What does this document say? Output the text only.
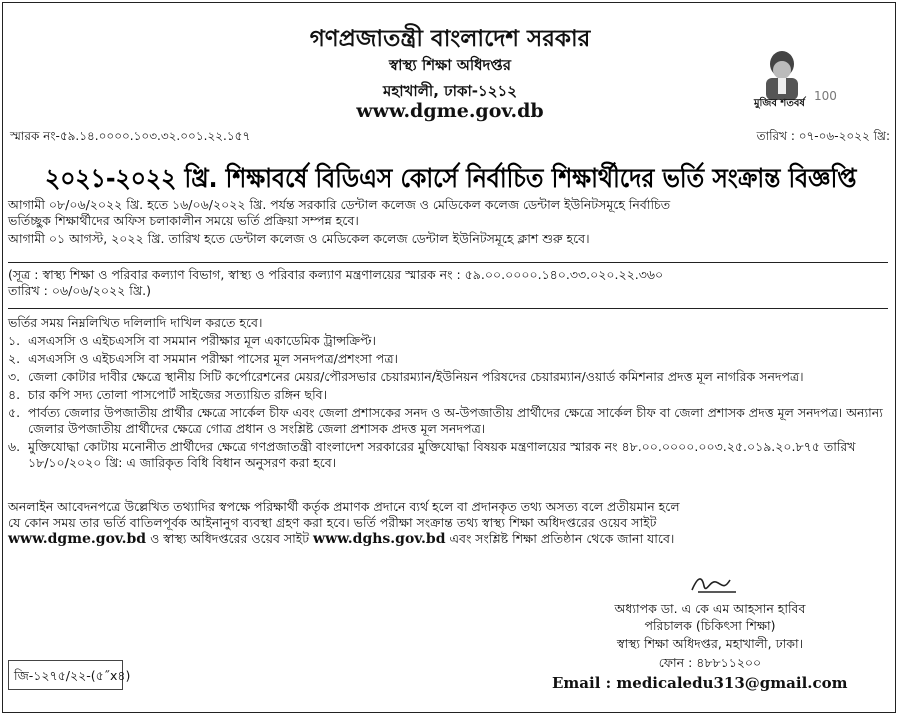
গণপ্রজাতন্ত্রী বাংলাদেশ সরকার
স্বাস্থ্য শিক্ষা অধিদপ্তর
মহাখালী, ঢাকা-১২১২
www.dgme.gov.db	মুজিব শতবর্ষ
100
স্মারক নং-৫৯.১৪.০০০০.১০৩.৩২.০০১.২২.১৫৭	তারিখ : ০৭-০৬-২০২২ খ্রি:
২০২১-২০২২ খ্রি. শিক্ষাবর্ষে বিডিএস কোর্সে নির্বাচিত শিক্ষার্থীদের ভর্তি সংক্রান্ত বিজ্ঞপ্তি
আগামী ০৮/০৬/২০২২ খ্রি. হতে ১৬/০৬/২০২২ খ্রি. পর্যন্ত সরকারি ডেন্টাল কলেজ ও মেডিকেল কলেজ ডেন্টাল ইউনিটসমূহে নির্বাচিত
ভর্তিচ্ছুক শিক্ষার্থীদের অফিস চলাকালীন সময়ে ভর্তি প্রক্রিয়া সম্পন্ন হবে।
আগামী ০১ আগস্ট, ২০২২ খ্রি. তারিখ হতে ডেন্টাল কলেজ ও মেডিকেল কলেজ ডেন্টাল ইউনিটসমূহে ক্লাশ শুরু হবে।
(সূত্র : স্বাস্থ্য শিক্ষা ও পরিবার কল্যাণ বিভাগ, স্বাস্থ্য ও পরিবার কল্যাণ মন্ত্রণালয়ের স্মারক নং : ৫৯.০০.০০০০.১৪০.৩৩.০২০.২২.৩৬০
তারিখ : ০৬/০৬/২০২২ খ্রি.)
ভর্তির সময় নিম্নলিখিত দলিলাদি দাখিল করতে হবে।
১. এসএসসি ও এইচএসসি বা সমমান পরীক্ষার মূল একাডেমিক ট্রান্সক্রিপ্ট।
২. এসএসসি ও এইচএসসি বা সমমান পরীক্ষা পাসের মূল সনদপত্র/প্রশংসা পত্র।
৩. জেলা কোটার দাবীর ক্ষেত্রে স্থানীয় সিটি কর্পোরেশনের মেয়র/পৌরসভার চেয়ারম্যান/ইউনিয়ন পরিষদের চেয়ারম্যান/ওয়ার্ড কমিশনার প্রদত্ত মূল নাগরিক সনদপত্র।
৪. চার কপি সদ্য তোলা পাসপোর্ট সাইজের সত্যায়িত রঙ্গিন ছবি।
৫. পার্বত্য জেলার উপজাতীয় প্রার্থীর ক্ষেত্রে সার্কেল চীফ এবং জেলা প্রশাসকের সনদ ও অ-উপজাতীয় প্রার্থীদের ক্ষেত্রে সার্কেল চীফ বা জেলা প্রশাসক প্রদত্ত মূল সনদপত্র। অন্যান্য জেলার উপজাতীয় প্রার্থীদের ক্ষেত্রে গোত্র প্রধান ও সংশ্লিষ্ট জেলা প্রশাসক প্রদত্ত মূল সনদপত্র।
৬. মুক্তিযোদ্ধা কোটায় মনোনীত প্রার্থীদের ক্ষেত্রে গণপ্রজাতন্ত্রী বাংলাদেশ সরকারের মুক্তিযোদ্ধা বিষয়ক মন্ত্রণালয়ের স্মারক নং ৪৮.০০.০০০০.০০৩.২৫.০১৯.২০.৮৭৫ তারিখ ১৮/১০/২০২০ খ্রি: এ জারিকৃত বিধি বিধান অনুসরণ করা হবে।
অনলাইন আবেদনপত্রে উল্লেখিত তথ্যাদির স্বপক্ষে পরিক্ষার্থী কর্তৃক প্রমাণক প্রদানে ব্যর্থ হলে বা প্রদানকৃত তথ্য অসত্য বলে প্রতীয়মান হলে
যে কোন সময় তার ভর্তি বাতিলপূর্বক আইনানুগ ব্যবস্থা গ্রহণ করা হবে। ভর্তি পরীক্ষা সংক্রান্ত তথ্য স্বাস্থ্য শিক্ষা অধিদপ্তরের ওয়েব সাইট
www.dgme.gov.bd ও স্বাস্থ্য অধিদপ্তরের ওয়েব সাইট www.dghs.gov.bd এবং সংশ্লিষ্ট শিক্ষা প্রতিষ্ঠান থেকে জানা যাবে।
অধ্যাপক ডা. এ কে এম আহসান হাবিব
পরিচালক (চিকিৎসা শিক্ষা)
স্বাস্থ্য শিক্ষা অধিদপ্তর, মহাখালী, ঢাকা।
ফোন : ৪৮৮১১২০০
Email : medicaledu313@gmail.com
জি-১২৭৫/২২-(৫˝x৪)
